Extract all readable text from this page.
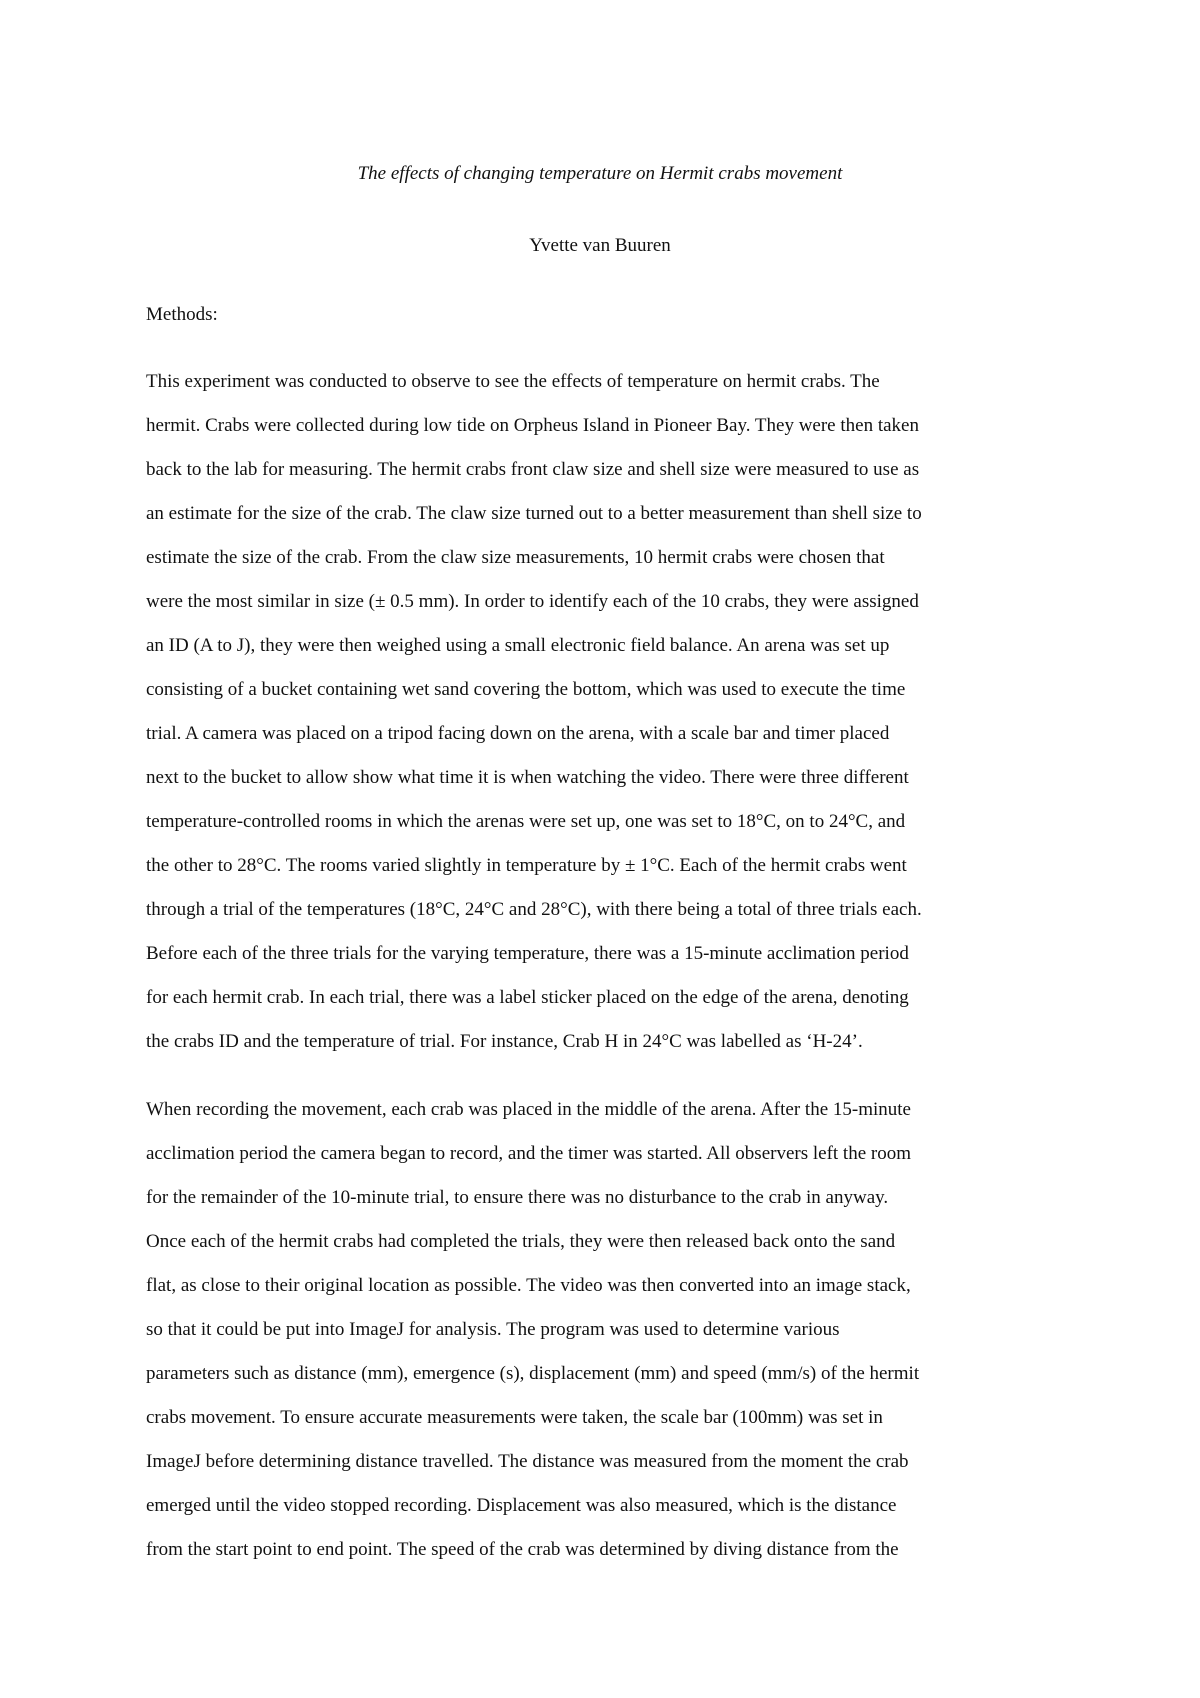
The effects of changing temperature on Hermit crabs movement

Yvette van Buuren

Methods:
This experiment was conducted to observe to see the effects of temperature on hermit crabs. The
hermit. Crabs were collected during low tide on Orpheus Island in Pioneer Bay. They were then taken
back to the lab for measuring. The hermit crabs front claw size and shell size were measured to use as
an estimate for the size of the crab. The claw size turned out to a better measurement than shell size to
estimate the size of the crab. From the claw size measurements, 10 hermit crabs were chosen that
were the most similar in size (± 0.5 mm). In order to identify each of the 10 crabs, they were assigned
an ID (A to J), they were then weighed using a small electronic field balance. An arena was set up
consisting of a bucket containing wet sand covering the bottom, which was used to execute the time
trial. A camera was placed on a tripod facing down on the arena, with a scale bar and timer placed
next to the bucket to allow show what time it is when watching the video. There were three different
temperature-controlled rooms in which the arenas were set up, one was set to 18°C, on to 24°C, and
the other to 28°C. The rooms varied slightly in temperature by ± 1°C. Each of the hermit crabs went
through a trial of the temperatures (18°C, 24°C and 28°C), with there being a total of three trials each.
Before each of the three trials for the varying temperature, there was a 15-minute acclimation period
for each hermit crab. In each trial, there was a label sticker placed on the edge of the arena, denoting
the crabs ID and the temperature of trial. For instance, Crab H in 24°C was labelled as ‘H-24’.
When recording the movement, each crab was placed in the middle of the arena. After the 15-minute
acclimation period the camera began to record, and the timer was started. All observers left the room
for the remainder of the 10-minute trial, to ensure there was no disturbance to the crab in anyway.
Once each of the hermit crabs had completed the trials, they were then released back onto the sand
flat, as close to their original location as possible. The video was then converted into an image stack,
so that it could be put into ImageJ for analysis. The program was used to determine various
parameters such as distance (mm), emergence (s), displacement (mm) and speed (mm/s) of the hermit
crabs movement. To ensure accurate measurements were taken, the scale bar (100mm) was set in
ImageJ before determining distance travelled. The distance was measured from the moment the crab
emerged until the video stopped recording. Displacement was also measured, which is the distance
from the start point to end point. The speed of the crab was determined by diving distance from the
